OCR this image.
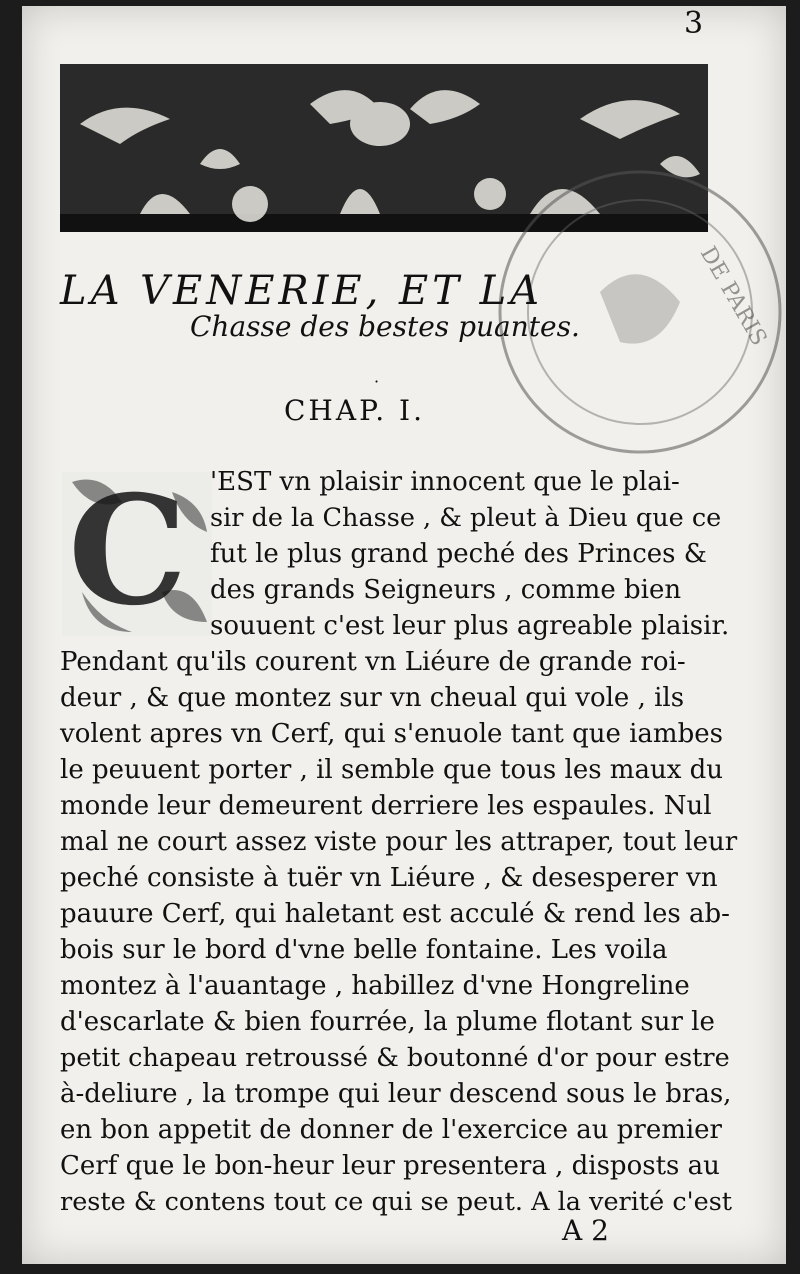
3
DE PARIS
LA VENERIE, ET LA
Chasse des bestes puantes.
·
CHAP. I.
C 'EST vn plaisir innocent que le plai-
sir de la Chasse , & pleut à Dieu que ce
fut le plus grand peché des Princes &
des grands Seigneurs , comme bien
souuent c'est leur plus agreable plaisir.
Pendant qu'ils courent vn Liéure de grande roi-
deur , & que montez sur vn cheual qui vole , ils
volent apres vn Cerf, qui s'enuole tant que iambes
le peuuent porter , il semble que tous les maux du
monde leur demeurent derriere les espaules. Nul
mal ne court assez viste pour les attraper, tout leur
peché consiste à tuër vn Liéure , & desesperer vn
pauure Cerf, qui haletant est acculé & rend les ab-
bois sur le bord d'vne belle fontaine. Les voila
montez à l'auantage , habillez d'vne Hongreline
d'escarlate & bien fourrée, la plume flotant sur le
petit chapeau retroussé & boutonné d'or pour estre
à-deliure , la trompe qui leur descend sous le bras,
en bon appetit de donner de l'exercice au premier
Cerf que le bon-heur leur presentera , disposts au
reste & contens tout ce qui se peut. A la verité c'est
A 2
